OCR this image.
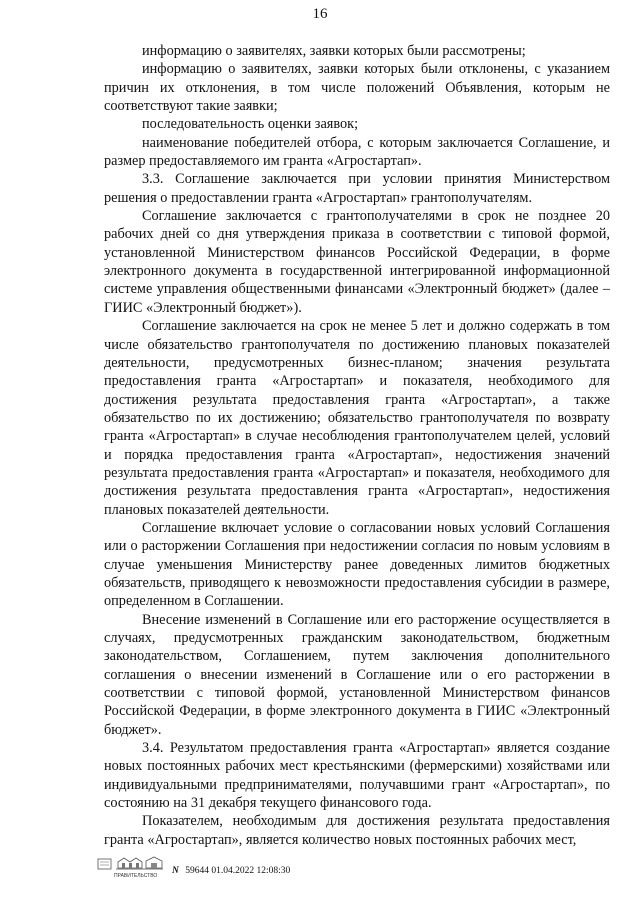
16

информацию о заявителях, заявки которых были рассмотрены;

информацию о заявителях, заявки которых были отклонены, с указанием причин их отклонения, в том числе положений Объявления, которым не соответствуют такие заявки;

последовательность оценки заявок;

наименование победителей отбора, с которым заключается Соглашение, и размер предоставляемого им гранта «Агростартап».

3.3. Соглашение заключается при условии принятия Министерством решения о предоставлении гранта «Агростартап» грантополучателям.

Соглашение заключается с грантополучателями в срок не позднее 20 рабочих дней со дня утверждения приказа в соответствии с типовой формой, установленной Министерством финансов Российской Федерации, в форме электронного документа в государственной интегрированной информационной системе управления общественными финансами «Электронный бюджет» (далее – ГИИС «Электронный бюджет»).

Соглашение заключается на срок не менее 5 лет и должно содержать в том числе обязательство грантополучателя по достижению плановых показателей деятельности, предусмотренных бизнес-планом; значения результата предоставления гранта «Агростартап» и показателя, необходимого для достижения результата предоставления гранта «Агростартап», а также обязательство по их достижению; обязательство грантополучателя по возврату гранта «Агростартап» в случае несоблюдения грантополучателем целей, условий и порядка предоставления гранта «Агростартап», недостижения значений результата предоставления гранта «Агростартап» и показателя, необходимого для достижения результата предоставления гранта «Агростартап», недостижения плановых показателей деятельности.

Соглашение включает условие о согласовании новых условий Соглашения или о расторжении Соглашения при недостижении согласия по новым условиям в случае уменьшения Министерству ранее доведенных лимитов бюджетных обязательств, приводящего к невозможности предоставления субсидии в размере, определенном в Соглашении.

Внесение изменений в Соглашение или его расторжение осуществляется в случаях, предусмотренных гражданским законодательством, бюджетным законодательством, Соглашением, путем заключения дополнительного соглашения о внесении изменений в Соглашение или о его расторжении в соответствии с типовой формой, установленной Министерством финансов Российской Федерации, в форме электронного документа в ГИИС «Электронный бюджет».

3.4. Результатом предоставления гранта «Агростартап» является создание новых постоянных рабочих мест крестьянскими (фермерскими) хозяйствами или индивидуальными предпринимателями, получавшими грант «Агростартап», по состоянию на 31 декабря текущего финансового года.

Показателем, необходимым для достижения результата предоставления гранта «Агростартап», является количество новых постоянных рабочих мест,

ПРАВИТЕЛЬСТВО N 59644 01.04.2022 12:08:30
